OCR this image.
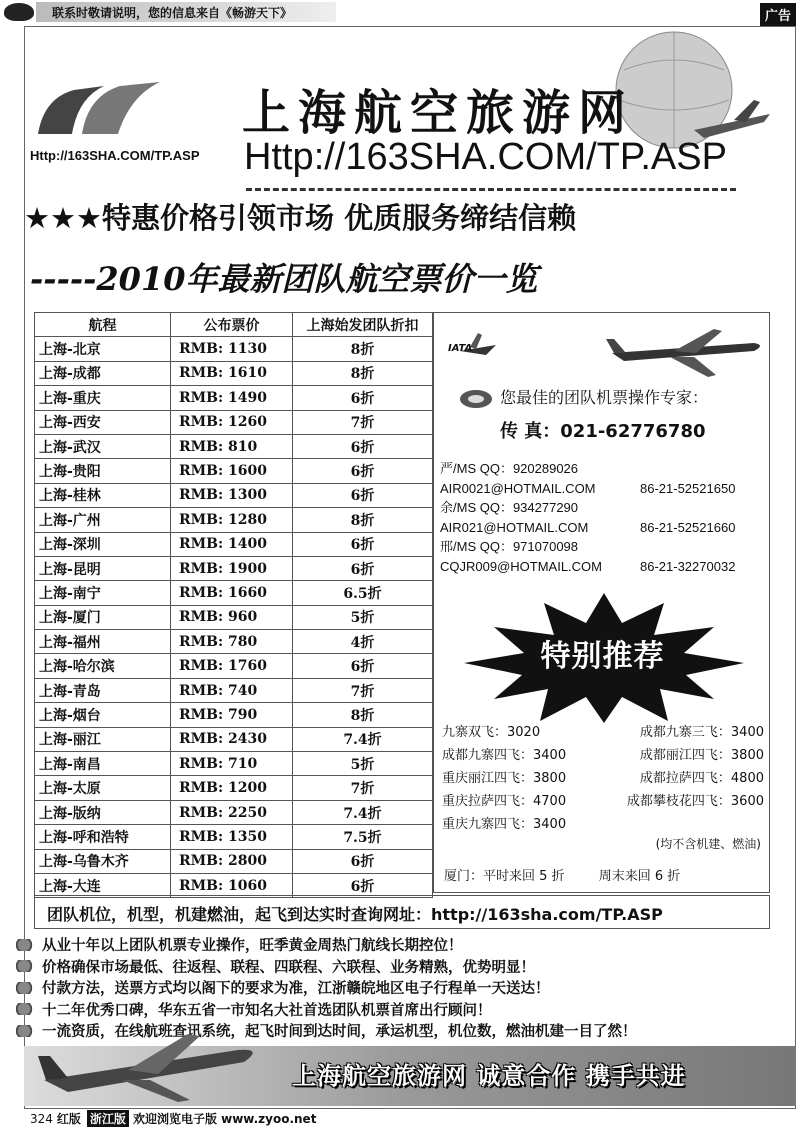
联系时敬请说明，您的信息来自《畅游天下》	广告
Http://163SHA.COM/TP.ASP
上海航空旅游网
Http://163SHA.COM/TP.ASP
★★★特惠价格引领市场 优质服务缔结信赖
-----2010年最新团队航空票价一览
航程	公布票价	上海始发团队折扣
上海-北京	RMB: 1130	8折
上海-成都	RMB: 1610	8折
上海-重庆	RMB: 1490	6折
上海-西安	RMB: 1260	7折
上海-武汉	RMB: 810	6折
上海-贵阳	RMB: 1600	6折
上海-桂林	RMB: 1300	6折
上海-广州	RMB: 1280	8折
上海-深圳	RMB: 1400	6折
上海-昆明	RMB: 1900	6折
上海-南宁	RMB: 1660	6.5折
上海-厦门	RMB: 960	5折
上海-福州	RMB: 780	4折
上海-哈尔滨	RMB: 1760	6折
上海-青岛	RMB: 740	7折
上海-烟台	RMB: 790	8折
上海-丽江	RMB: 2430	7.4折
上海-南昌	RMB: 710	5折
上海-太原	RMB: 1200	7折
上海-版纳	RMB: 2250	7.4折
上海-呼和浩特	RMB: 1350	7.5折
上海-乌鲁木齐	RMB: 2800	6折
上海-大连	RMB: 1060	6折
IATA
您最佳的团队机票操作专家：
传 真：021-62776780
严/MS QQ：920289026
AIR0021@HOTMAIL.COM	86-21-52521650
余/MS QQ：934277290
AIR021@HOTMAIL.COM	86-21-52521660
邢/MS QQ：971070098
CQJR009@HOTMAIL.COM	86-21-32270032
特别推荐
九寨双飞：3020	成都九寨三飞：3400
成都九寨四飞：3400	成都丽江四飞：3800
重庆丽江四飞：3800	成都拉萨四飞：4800
重庆拉萨四飞：4700	成都攀枝花四飞：3600
重庆九寨四飞：3400
(均不含机建、燃油)
厦门：平时来回 5 折	周末来回 6 折
团队机位，机型，机建燃油，起飞到达实时查询网址：http://163sha.com/TP.ASP
从业十年以上团队机票专业操作，旺季黄金周热门航线长期控位！
价格确保市场最低、往返程、联程、四联程、六联程、业务精熟，优势明显！
付款方法，送票方式均以阁下的要求为准，江浙赣皖地区电子行程单一天送达！
十二年优秀口碑，华东五省一市知名大社首选团队机票首席出行顾问！
一流资质，在线航班查讯系统，起飞时间到达时间，承运机型，机位数，燃油机建一目了然！
上海航空旅游网 诚意合作 携手共进
324 红版 浙江版 欢迎浏览电子版 www.zyoo.net
